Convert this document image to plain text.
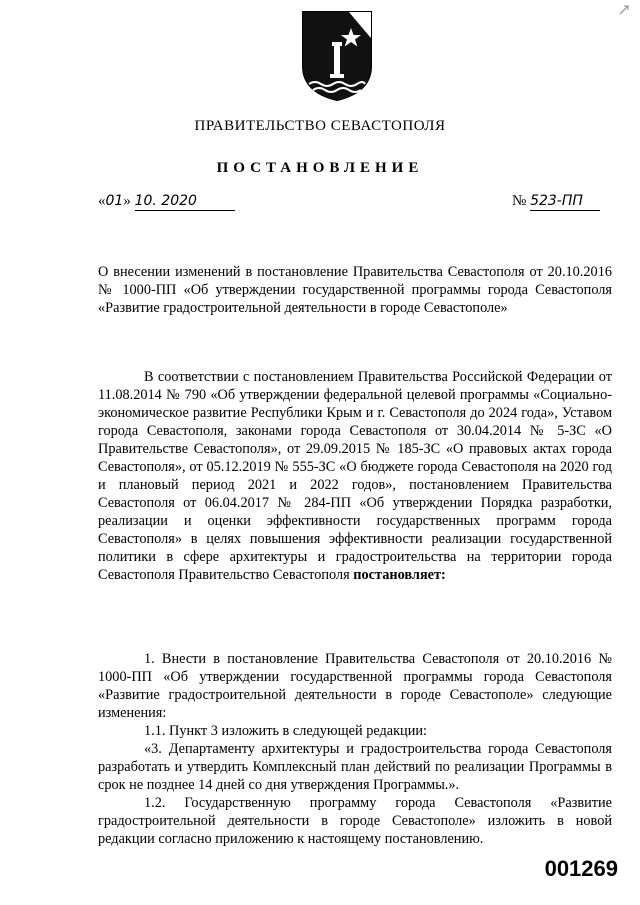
ПРАВИТЕЛЬСТВО СЕВАСТОПОЛЯ
ПОСТАНОВЛЕНИЕ
«01» 10. 2020	№ 523-ПП

О внесении изменений в постановление Правительства Севастополя от 20.10.2016 № 1000-ПП «Об утверждении государственной программы города Севастополя «Развитие градостроительной деятельности в городе Севастополе»

В соответствии с постановлением Правительства Российской Федерации от 11.08.2014 № 790 «Об утверждении федеральной целевой программы «Социально-экономическое развитие Республики Крым и г. Севастополя до 2024 года», Уставом города Севастополя, законами города Севастополя от 30.04.2014 № 5-ЗС «О Правительстве Севастополя», от 29.09.2015 № 185-ЗС «О правовых актах города Севастополя», от 05.12.2019 № 555-ЗС «О бюджете города Севастополя на 2020 год и плановый период 2021 и 2022 годов», постановлением Правительства Севастополя от 06.04.2017 № 284-ПП «Об утверждении Порядка разработки, реализации и оценки эффективности государственных программ города Севастополя» в целях повышения эффективности реализации государственной политики в сфере архитектуры и градостроительства на территории города Севастополя Правительство Севастополя постановляет:

1. Внести в постановление Правительства Севастополя от 20.10.2016 № 1000-ПП «Об утверждении государственной программы города Севастополя «Развитие градостроительной деятельности в городе Севастополе» следующие изменения:

1.1. Пункт 3 изложить в следующей редакции:

«3. Департаменту архитектуры и градостроительства города Севастополя разработать и утвердить Комплексный план действий по реализации Программы в срок не позднее 14 дней со дня утверждения Программы.».

1.2. Государственную программу города Севастополя «Развитие градостроительной деятельности в городе Севастополе» изложить в новой редакции согласно приложению к настоящему постановлению.

001269
